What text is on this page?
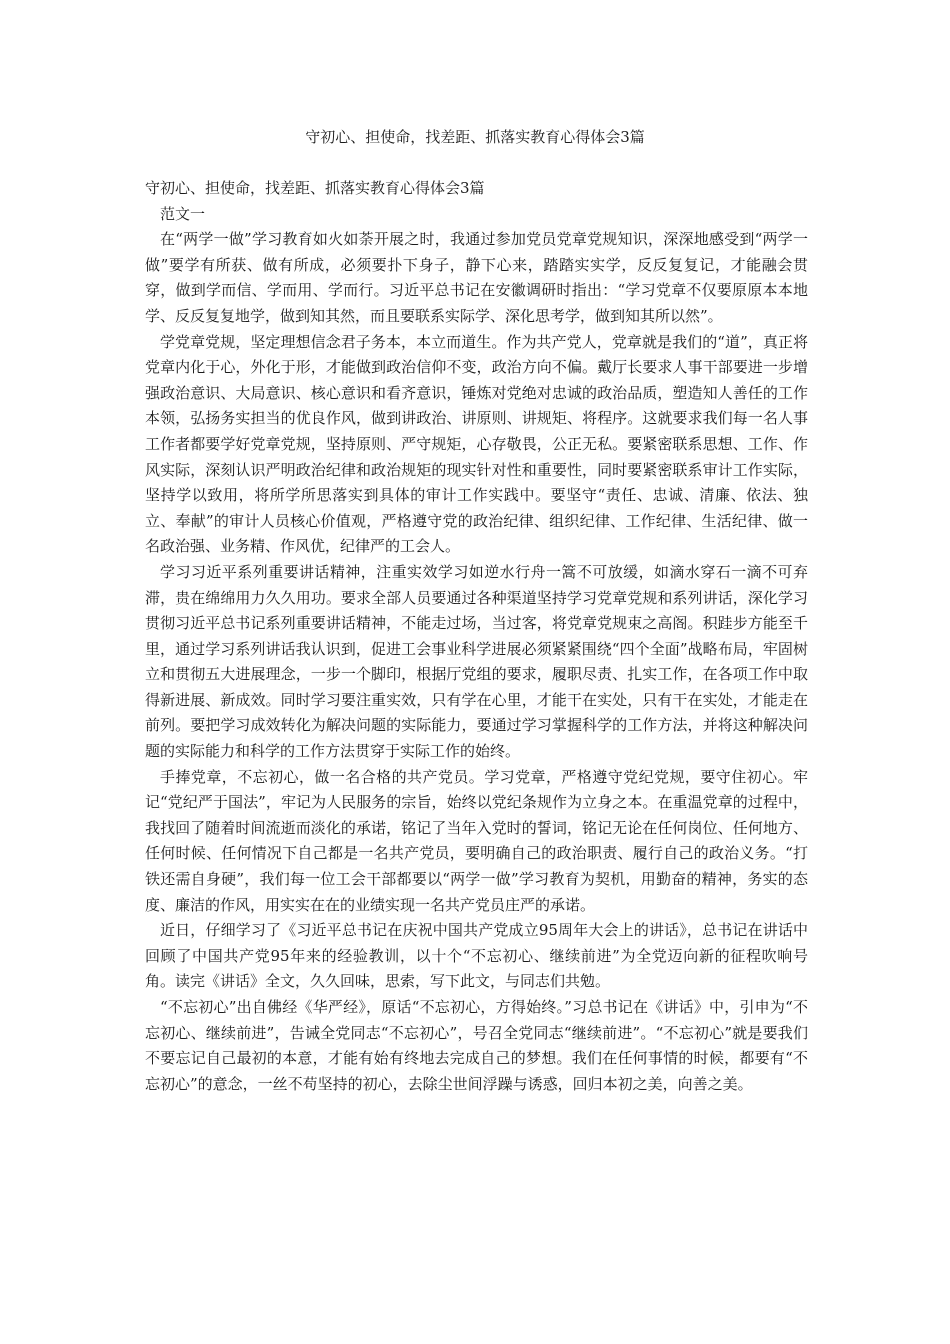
守初心、担使命，找差距、抓落实教育心得体会3篇

守初心、担使命，找差距、抓落实教育心得体会3篇

范文一

在“两学一做”学习教育如火如荼开展之时，我通过参加党员党章党规知识，深深地感受到“两学一做”要学有所获、做有所成，必须要扑下身子，静下心来，踏踏实实学，反反复复记，才能融会贯穿，做到学而信、学而用、学而行。习近平总书记在安徽调研时指出：“学习党章不仅要原原本本地学、反反复复地学，做到知其然，而且要联系实际学、深化思考学，做到知其所以然”。

学党章党规，坚定理想信念君子务本，本立而道生。作为共产党人，党章就是我们的“道”，真正将党章内化于心，外化于形，才能做到政治信仰不变，政治方向不偏。戴厅长要求人事干部要进一步增强政治意识、大局意识、核心意识和看齐意识，锤炼对党绝对忠诚的政治品质，塑造知人善任的工作本领，弘扬务实担当的优良作风，做到讲政治、讲原则、讲规矩、将程序。这就要求我们每一名人事工作者都要学好党章党规，坚持原则、严守规矩，心存敬畏，公正无私。要紧密联系思想、工作、作风实际，深刻认识严明政治纪律和政治规矩的现实针对性和重要性，同时要紧密联系审计工作实际，坚持学以致用，将所学所思落实到具体的审计工作实践中。要坚守“责任、忠诚、清廉、依法、独立、奉献”的审计人员核心价值观，严格遵守党的政治纪律、组织纪律、工作纪律、生活纪律、做一名政治强、业务精、作风优，纪律严的工会人。

学习习近平系列重要讲话精神，注重实效学习如逆水行舟一篙不可放缓，如滴水穿石一滴不可弃滞，贵在绵绵用力久久用功。要求全部人员要通过各种渠道坚持学习党章党规和系列讲话，深化学习贯彻习近平总书记系列重要讲话精神，不能走过场，当过客，将党章党规束之高阁。积跬步方能至千里，通过学习系列讲话我认识到，促进工会事业科学进展必须紧紧围绕“四个全面”战略布局，牢固树立和贯彻五大进展理念，一步一个脚印，根据厅党组的要求，履职尽责、扎实工作，在各项工作中取得新进展、新成效。同时学习要注重实效，只有学在心里，才能干在实处，只有干在实处，才能走在前列。要把学习成效转化为解决问题的实际能力，要通过学习掌握科学的工作方法，并将这种解决问题的实际能力和科学的工作方法贯穿于实际工作的始终。

手捧党章，不忘初心，做一名合格的共产党员。学习党章，严格遵守党纪党规，要守住初心。牢记“党纪严于国法”，牢记为人民服务的宗旨，始终以党纪条规作为立身之本。在重温党章的过程中，我找回了随着时间流逝而淡化的承诺，铭记了当年入党时的誓词，铭记无论在任何岗位、任何地方、任何时候、任何情况下自己都是一名共产党员，要明确自己的政治职责、履行自己的政治义务。“打铁还需自身硬”，我们每一位工会干部都要以“两学一做”学习教育为契机，用勤奋的精神，务实的态度、廉洁的作风，用实实在在的业绩实现一名共产党员庄严的承诺。

近日，仔细学习了《习近平总书记在庆祝中国共产党成立95周年大会上的讲话》，总书记在讲话中回顾了中国共产党95年来的经验教训，以十个“不忘初心、继续前进”为全党迈向新的征程吹响号角。读完《讲话》全文，久久回味，思索，写下此文，与同志们共勉。

“不忘初心”出自佛经《华严经》，原话“不忘初心，方得始终。”习总书记在《讲话》中，引申为“不忘初心、继续前进”，告诫全党同志“不忘初心”，号召全党同志“继续前进”。“不忘初心”就是要我们不要忘记自己最初的本意，才能有始有终地去完成自己的梦想。我们在任何事情的时候，都要有“不忘初心”的意念，一丝不苟坚持的初心，去除尘世间浮躁与诱惑，回归本初之美，向善之美。
